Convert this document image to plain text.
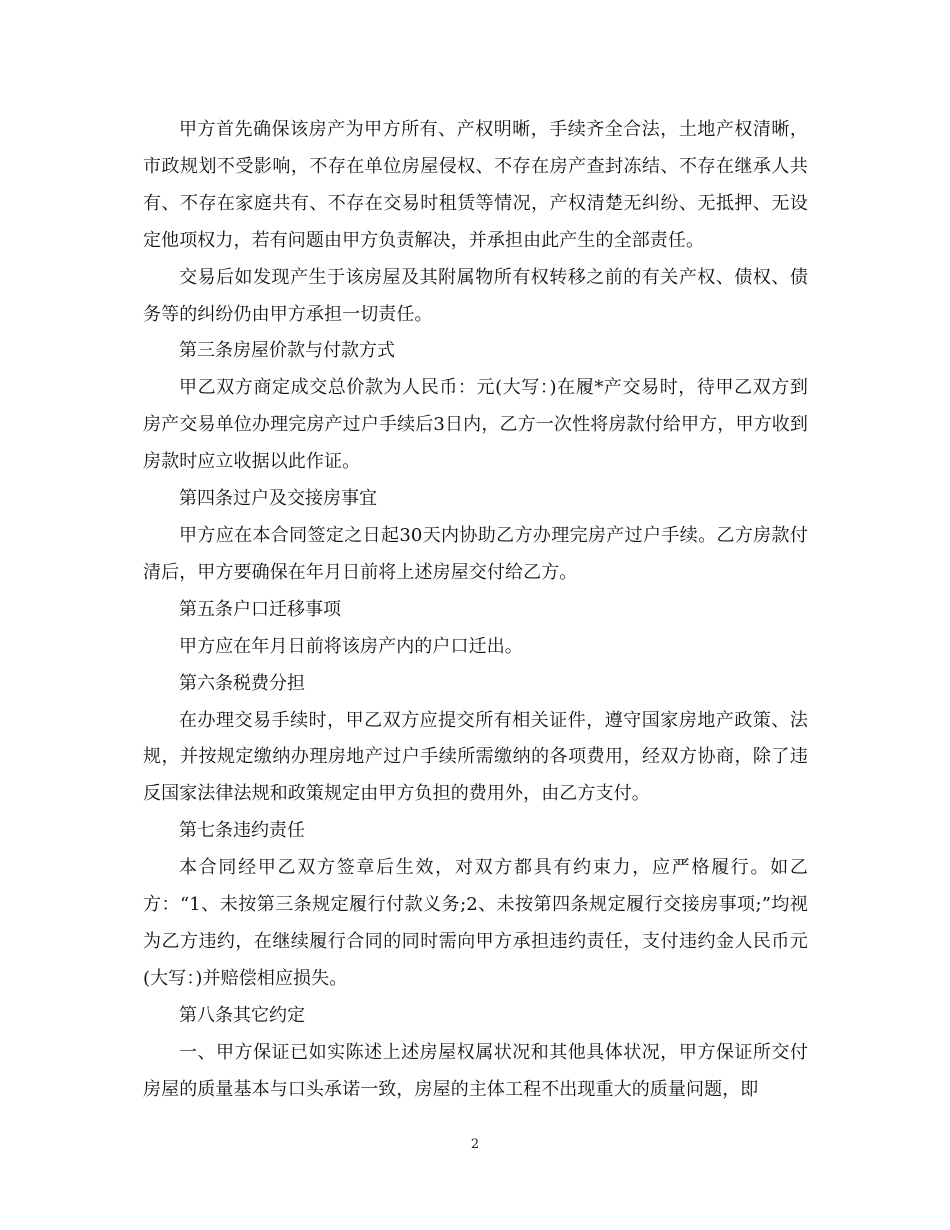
甲方首先确保该房产为甲方所有、产权明晰，手续齐全合法，土地产权清晰，市政规划不受影响，不存在单位房屋侵权、不存在房产查封冻结、不存在继承人共有、不存在家庭共有、不存在交易时租赁等情况，产权清楚无纠纷、无抵押、无设定他项权力，若有问题由甲方负责解决，并承担由此产生的全部责任。

交易后如发现产生于该房屋及其附属物所有权转移之前的有关产权、债权、债务等的纠纷仍由甲方承担一切责任。

第三条房屋价款与付款方式

甲乙双方商定成交总价款为人民币：元(大写：)在履*产交易时，待甲乙双方到房产交易单位办理完房产过户手续后3日内，乙方一次性将房款付给甲方，甲方收到房款时应立收据以此作证。

第四条过户及交接房事宜

甲方应在本合同签定之日起30天内协助乙方办理完房产过户手续。乙方房款付清后，甲方要确保在年月日前将上述房屋交付给乙方。

第五条户口迁移事项

甲方应在年月日前将该房产内的户口迁出。

第六条税费分担

在办理交易手续时，甲乙双方应提交所有相关证件，遵守国家房地产政策、法规，并按规定缴纳办理房地产过户手续所需缴纳的各项费用，经双方协商，除了违反国家法律法规和政策规定由甲方负担的费用外，由乙方支付。

第七条违约责任

本合同经甲乙双方签章后生效，对双方都具有约束力，应严格履行。如乙方：“1、未按第三条规定履行付款义务;2、未按第四条规定履行交接房事项;”均视为乙方违约，在继续履行合同的同时需向甲方承担违约责任，支付违约金人民币元(大写：)并赔偿相应损失。

第八条其它约定

一、甲方保证已如实陈述上述房屋权属状况和其他具体状况，甲方保证所交付房屋的质量基本与口头承诺一致，房屋的主体工程不出现重大的质量问题，即

2
